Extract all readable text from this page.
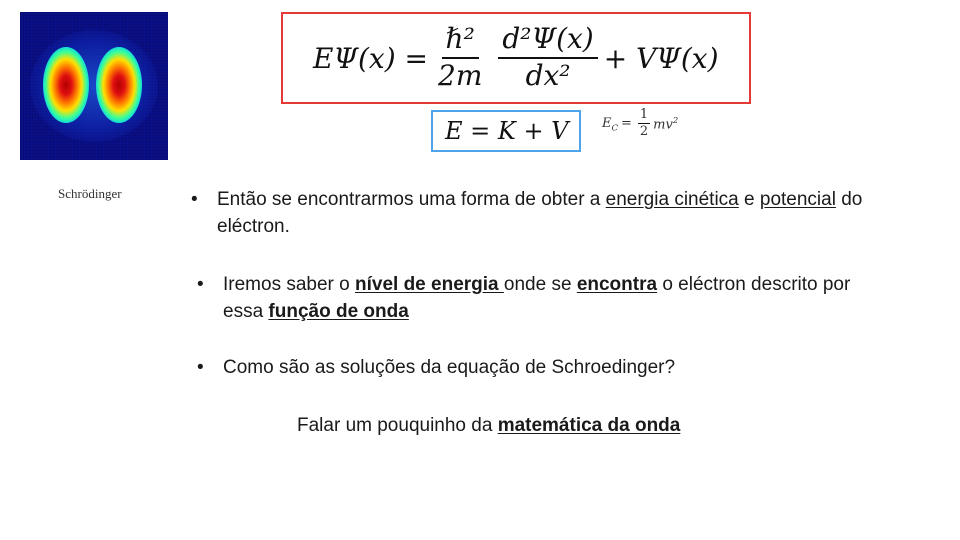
Schrödinger
$E\Psi(x) = \frac{\text{ℏ²}}{2m} \frac{\text{d²Ψ(x)}}{\text{dx²}} + V\Psi(x)$
E = K + V	$E_C = \frac{1}{2} mv^2$
• Então se encontrarmos uma forma de obter a energia cinética e potencial do eléctron.
• Iremos saber o nível de energia onde se encontra o eléctron descrito por essa função de onda
• Como são as soluções da equação de Schroedinger?
Falar um pouquinho da matemática da onda
